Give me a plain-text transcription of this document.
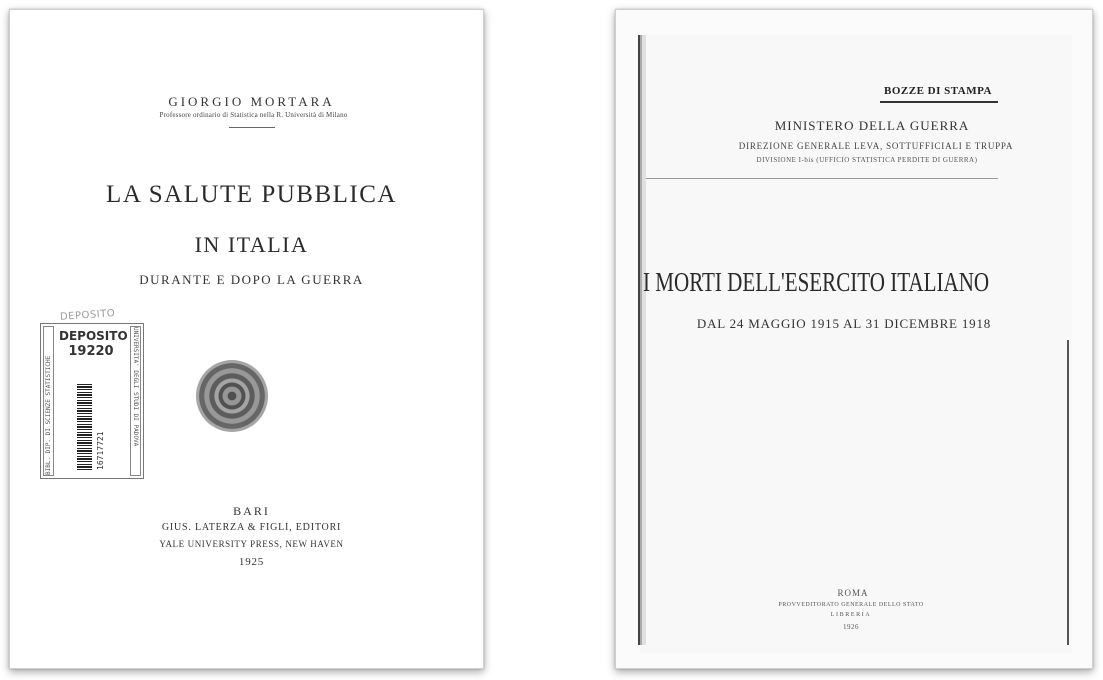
GIORGIO MORTARA
Professore ordinario di Statistica nella R. Università di Milano
LA SALUTE PUBBLICA
IN ITALIA
DURANTE E DOPO LA GUERRA
DEPOSITO
BIBL. DIP. DI SCIENZE STATISTICHE
DEPOSITO
19220
16717721
UNIVERSITA' DEGLI STUDI DI PADOVA
BARI
GIUS. LATERZA & FIGLI, EDITORI
YALE UNIVERSITY PRESS, NEW HAVEN
1925
BOZZE DI STAMPA
MINISTERO DELLA GUERRA
DIREZIONE GENERALE LEVA, SOTTUFFICIALI E TRUPPA
DIVISIONE I-bis (UFFICIO STATISTICA PERDITE DI GUERRA)
I MORTI DELL'ESERCITO ITALIANO
DAL 24 MAGGIO 1915 AL 31 DICEMBRE 1918
ROMA
PROVVEDITORATO GENERALE DELLO STATO
LIBRERIA
1926
